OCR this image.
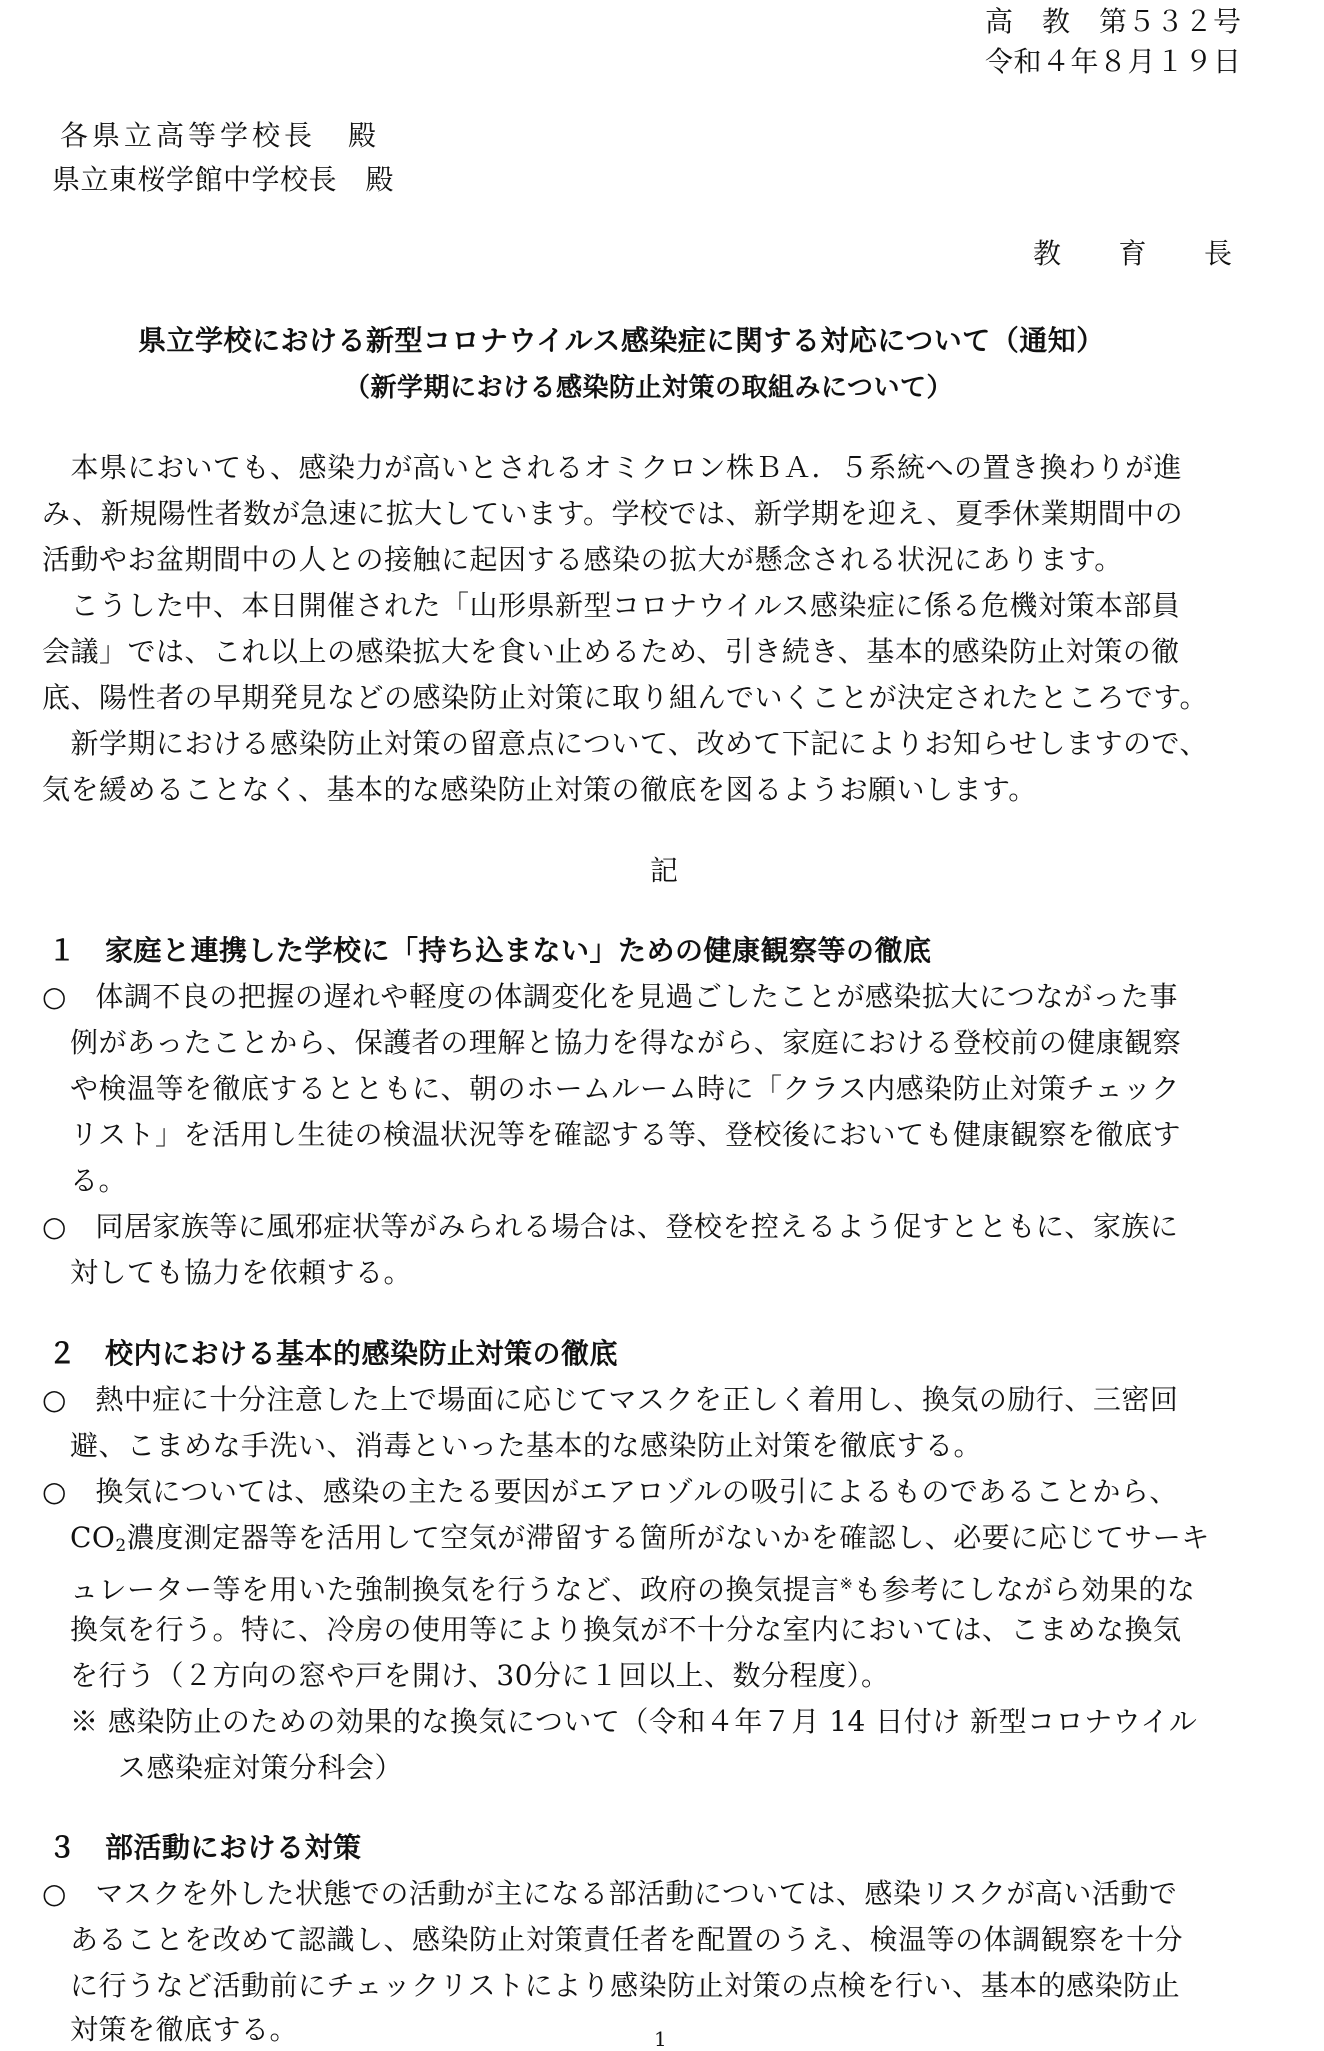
高　教　第５３２号
令和４年８月１９日
各県立高等学校長　殿
県立東桜学館中学校長　殿
教　　育　　長
県立学校における新型コロナウイルス感染症に関する対応について（通知）
（新学期における感染防止対策の取組みについて）
　本県においても、感染力が高いとされるオミクロン株ＢＡ．５系統への置き換わりが進
み、新規陽性者数が急速に拡大しています。学校では、新学期を迎え、夏季休業期間中の
活動やお盆期間中の人との接触に起因する感染の拡大が懸念される状況にあります。
　こうした中、本日開催された「山形県新型コロナウイルス感染症に係る危機対策本部員
会議」では、これ以上の感染拡大を食い止めるため、引き続き、基本的感染防止対策の徹
底、陽性者の早期発見などの感染防止対策に取り組んでいくことが決定されたところです。
　新学期における感染防止対策の留意点について、改めて下記によりお知らせしますので、
気を緩めることなく、基本的な感染防止対策の徹底を図るようお願いします。
記
１　家庭と連携した学校に「持ち込まない」ための健康観察等の徹底
○　体調不良の把握の遅れや軽度の体調変化を見過ごしたことが感染拡大につながった事
例があったことから、保護者の理解と協力を得ながら、家庭における登校前の健康観察
や検温等を徹底するとともに、朝のホームルーム時に「クラス内感染防止対策チェック
リスト」を活用し生徒の検温状況等を確認する等、登校後においても健康観察を徹底す
る。
○　同居家族等に風邪症状等がみられる場合は、登校を控えるよう促すとともに、家族に
対しても協力を依頼する。
２　校内における基本的感染防止対策の徹底
○　熱中症に十分注意した上で場面に応じてマスクを正しく着用し、換気の励行、三密回
避、こまめな手洗い、消毒といった基本的な感染防止対策を徹底する。
○　換気については、感染の主たる要因がエアロゾルの吸引によるものであることから、
$CO_2$濃度測定器等を活用して空気が滞留する箇所がないかを確認し、必要に応じてサーキ
ュレーター等を用いた強制換気を行うなど、政府の換気提言※も参考にしながら効果的な
換気を行う。特に、冷房の使用等により換気が不十分な室内においては、こまめな換気
を行う（２方向の窓や戸を開け、30分に１回以上、数分程度）。
※ 感染防止のための効果的な換気について（令和４年７月 14 日付け 新型コロナウイル
ス感染症対策分科会）
３　部活動における対策
○　マスクを外した状態での活動が主になる部活動については、感染リスクが高い活動で
あることを改めて認識し、感染防止対策責任者を配置のうえ、検温等の体調観察を十分
に行うなど活動前にチェックリストにより感染防止対策の点検を行い、基本的感染防止
対策を徹底する。	1
